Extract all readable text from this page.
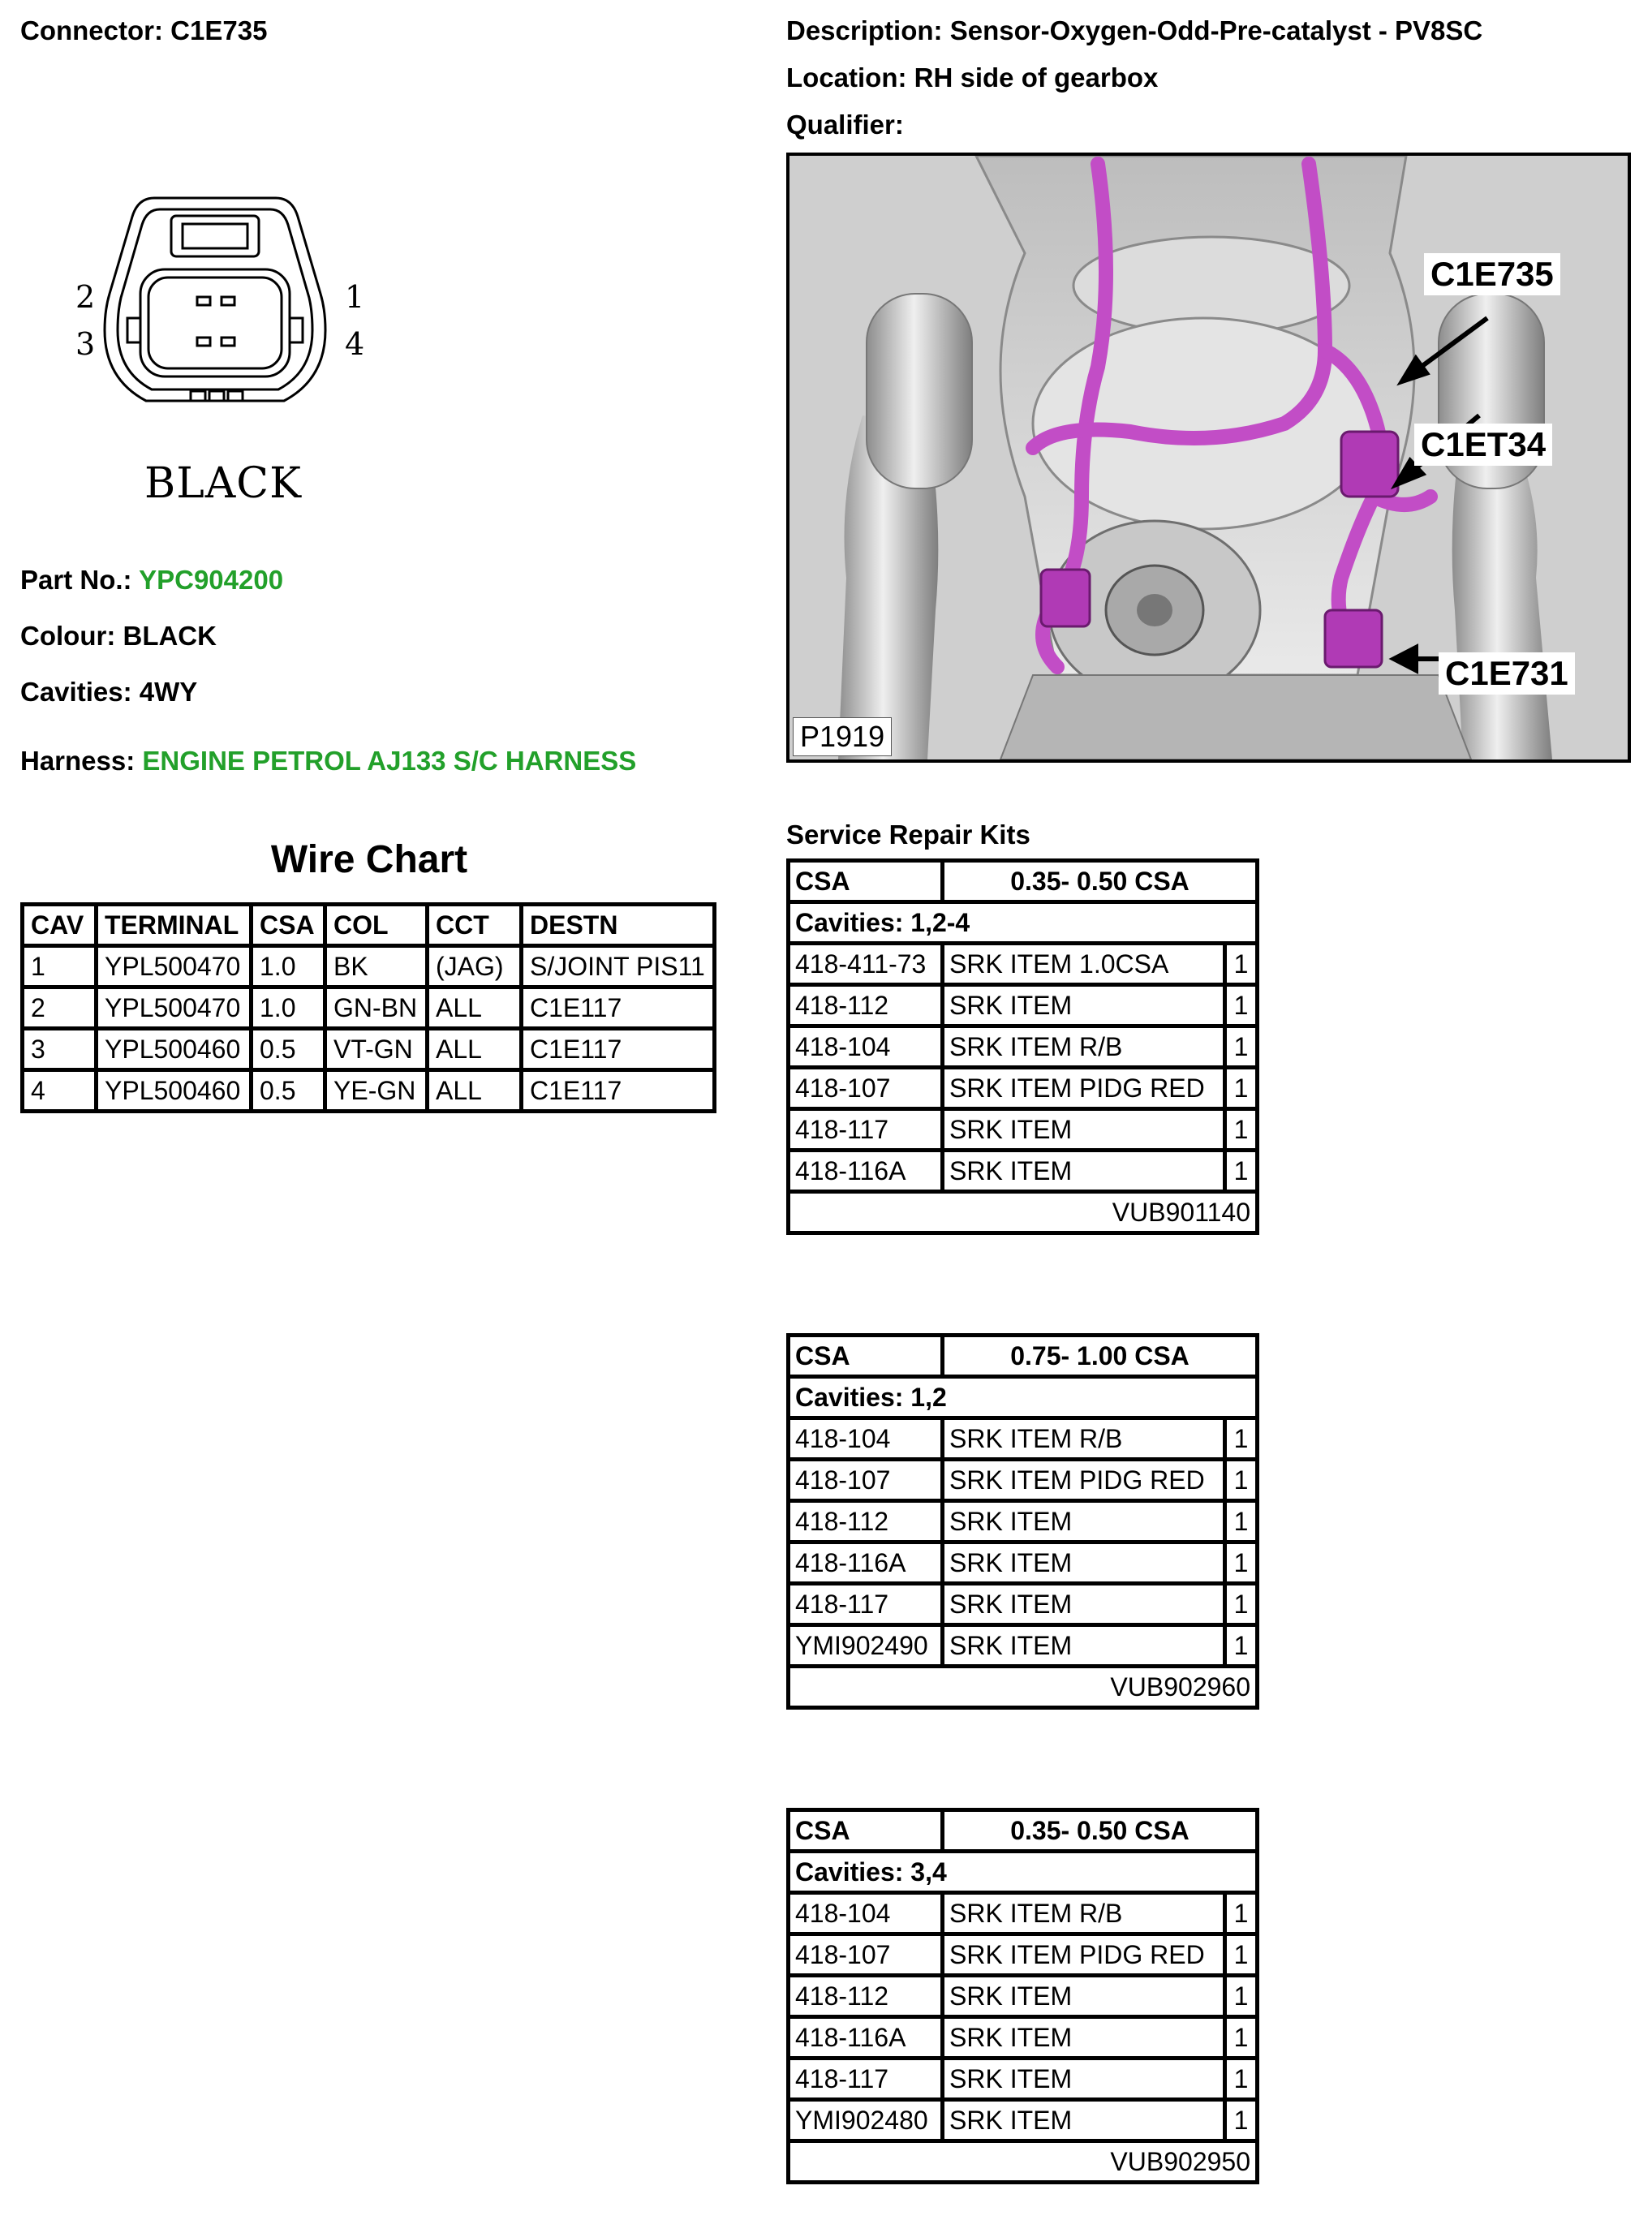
Connector: C1E735	Description: Sensor-Oxygen-Odd-Pre-catalyst - PV8SC
Location: RH side of gearbox
Qualifier:
2	1
3	4
BLACK
Part No.: YPC904200
Colour: BLACK
Cavities: 4WY
Harness: ENGINE PETROL AJ133 S/C HARNESS
Wire Chart
CAV	TERMINAL	CSA	COL	CCT	DESTN
1	YPL500470	1.0	BK	(JAG)	S/JOINT PIS11
2	YPL500470	1.0	GN-BN	ALL	C1E117
3	YPL500460	0.5	VT-GN	ALL	C1E117
4	YPL500460	0.5	YE-GN	ALL	C1E117
C1E735
C1ET34
C1E731
P1919
Service Repair Kits
CSA	0.35- 0.50 CSA	
Cavities: 1,2-4		
418-411-73	SRK ITEM 1.0CSA	1
418-112	SRK ITEM	1
418-104	SRK ITEM R/B	1
418-107	SRK ITEM PIDG RED	1
418-117	SRK ITEM	1
418-116A	SRK ITEM	1
VUB901140		
CSA	0.75- 1.00 CSA	
Cavities: 1,2		
418-104	SRK ITEM R/B	1
418-107	SRK ITEM PIDG RED	1
418-112	SRK ITEM	1
418-116A	SRK ITEM	1
418-117	SRK ITEM	1
YMI902490	SRK ITEM	1
VUB902960		
CSA	0.35- 0.50 CSA	
Cavities: 3,4		
418-104	SRK ITEM R/B	1
418-107	SRK ITEM PIDG RED	1
418-112	SRK ITEM	1
418-116A	SRK ITEM	1
418-117	SRK ITEM	1
YMI902480	SRK ITEM	1
VUB902950		
